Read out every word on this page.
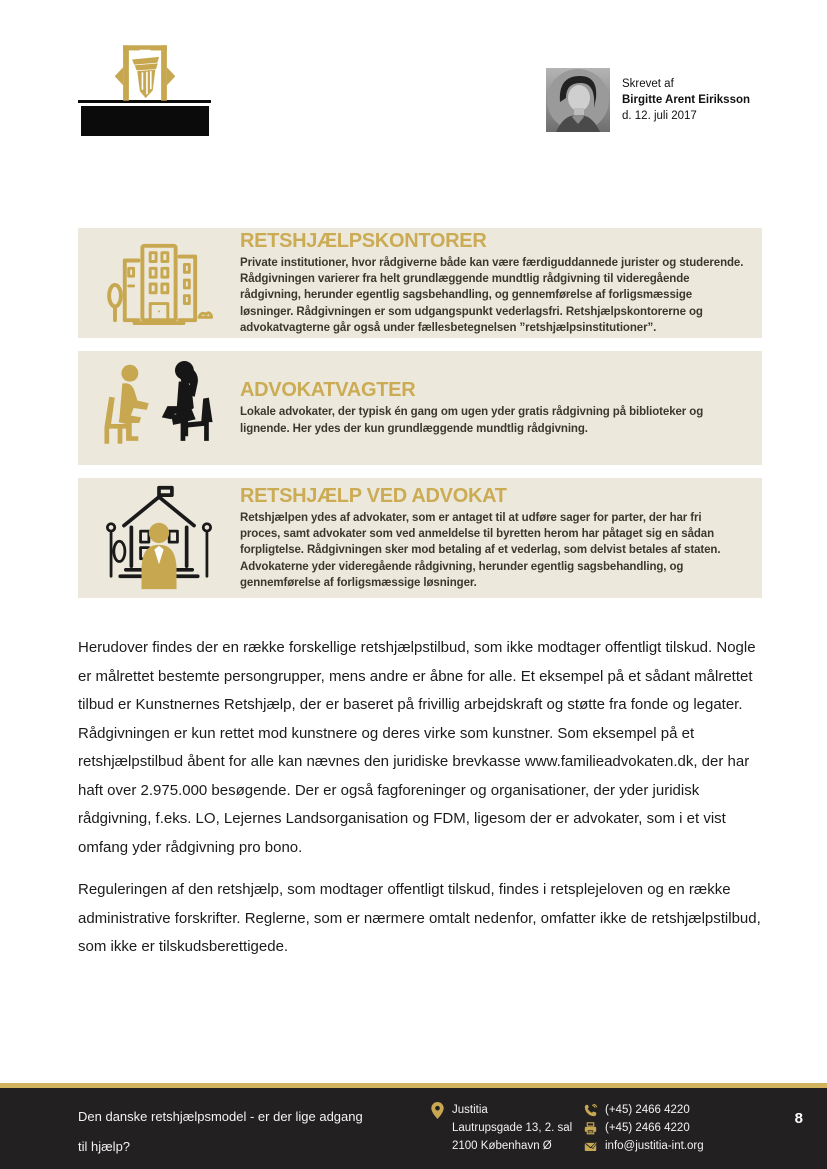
Skrevet af
Birgitte Arent Eiriksson
d. 12. juli 2017
RETSHJÆLPSKONTORER
Private institutioner, hvor rådgiverne både kan være færdiguddannede jurister og studerende. Rådgivningen varierer fra helt grundlæggende mundtlig rådgivning til videregående rådgivning, herunder egentlig sagsbehandling, og gennemførelse af forligsmæssige løsninger. Rådgivningen er som udgangspunkt vederlagsfri. Retshjælpskontorerne og advokatvagterne går også under fællesbetegnelsen ”retshjælpsinstitutioner”.
ADVOKATVAGTER
Lokale advokater, der typisk én gang om ugen yder gratis rådgivning på biblioteker og lignende. Her ydes der kun grundlæggende mundtlig rådgivning.
RETSHJÆLP VED ADVOKAT
Retshjælpen ydes af advokater, som er antaget til at udføre sager for parter, der har fri proces, samt advokater som ved anmeldelse til byretten herom har påtaget sig en sådan forpligtelse. Rådgivningen sker mod betaling af et vederlag, som delvist betales af staten. Advokaterne yder videregående rådgivning, herunder egentlig sagsbehandling, og gennemførelse af forligsmæssige løsninger.

Herudover findes der en række forskellige retshjælpstilbud, som ikke modtager offentligt tilskud. Nogle er målrettet bestemte persongrupper, mens andre er åbne for alle. Et eksempel på et sådant målrettet tilbud er Kunstnernes Retshjælp, der er baseret på frivillig arbejdskraft og støtte fra fonde og legater. Rådgivningen er kun rettet mod kunstnere og deres virke som kunstner. Som eksempel på et retshjælpstilbud åbent for alle kan nævnes den juridiske brevkasse www.familieadvokaten.dk, der har haft over 2.975.000 besøgende. Der er også fagforeninger og organisationer, der yder juridisk rådgivning, f.eks. LO, Lejernes Landsorganisation og FDM, ligesom der er advokater, som i et vist omfang yder rådgivning pro bono.

Reguleringen af den retshjælp, som modtager offentligt tilskud, findes i retsplejeloven og en række administrative forskrifter. Reglerne, som er nærmere omtalt nedenfor, omfatter ikke de retshjælpstilbud, som ikke er tilskudsberettigede.

Den danske retshjælpsmodel - er der lige adgang
til hjælp?
Justitia
Lautrupsgade 13, 2. sal
2100 København Ø
(+45) 2466 4220
(+45) 2466 4220
info@justitia-int.org
8
